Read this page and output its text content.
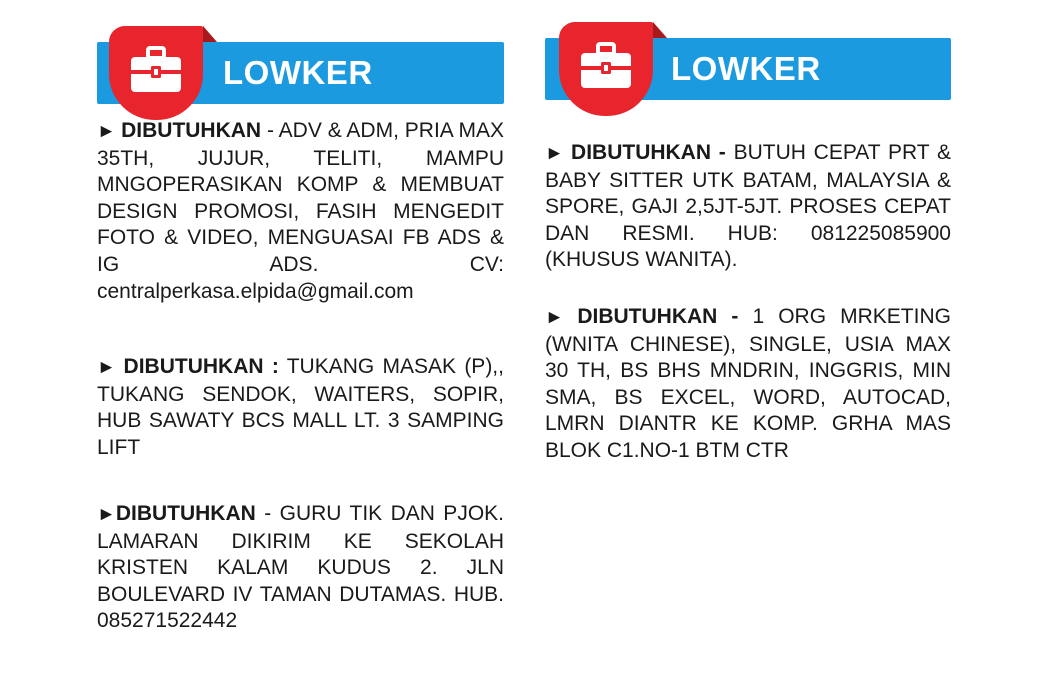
LOWKER

► DIBUTUHKAN - ADV & ADM, PRIA MAX 35TH, JUJUR, TELITI, MAMPU MNGOPERASIKAN KOMP & MEMBUAT DESIGN PROMOSI, FASIH MENGEDIT FOTO & VIDEO, MENGUASAI FB ADS & IG ADS. CV: centralperkasa.elpida@gmail.com

► DIBUTUHKAN : TUKANG MASAK (P),, TUKANG SENDOK, WAITERS, SOPIR, HUB SAWATY BCS MALL LT. 3 SAMPING LIFT

►DIBUTUHKAN - GURU TIK DAN PJOK. LAMARAN DIKIRIM KE SEKOLAH KRISTEN KALAM KUDUS 2. JLN BOULEVARD IV TAMAN DUTAMAS. HUB. 085271522442

LOWKER

► DIBUTUHKAN - BUTUH CEPAT PRT & BABY SITTER UTK BATAM, MALAYSIA & SPORE, GAJI 2,5JT-5JT. PROSES CEPAT DAN RESMI. HUB: 081225085900 (KHUSUS WANITA).

► DIBUTUHKAN - 1 ORG MRKETING (WNITA CHINESE), SINGLE, USIA MAX 30 TH, BS BHS MNDRIN, INGGRIS, MIN SMA, BS EXCEL, WORD, AUTOCAD, LMRN DIANTR KE KOMP. GRHA MAS BLOK C1.NO-1 BTM CTR
